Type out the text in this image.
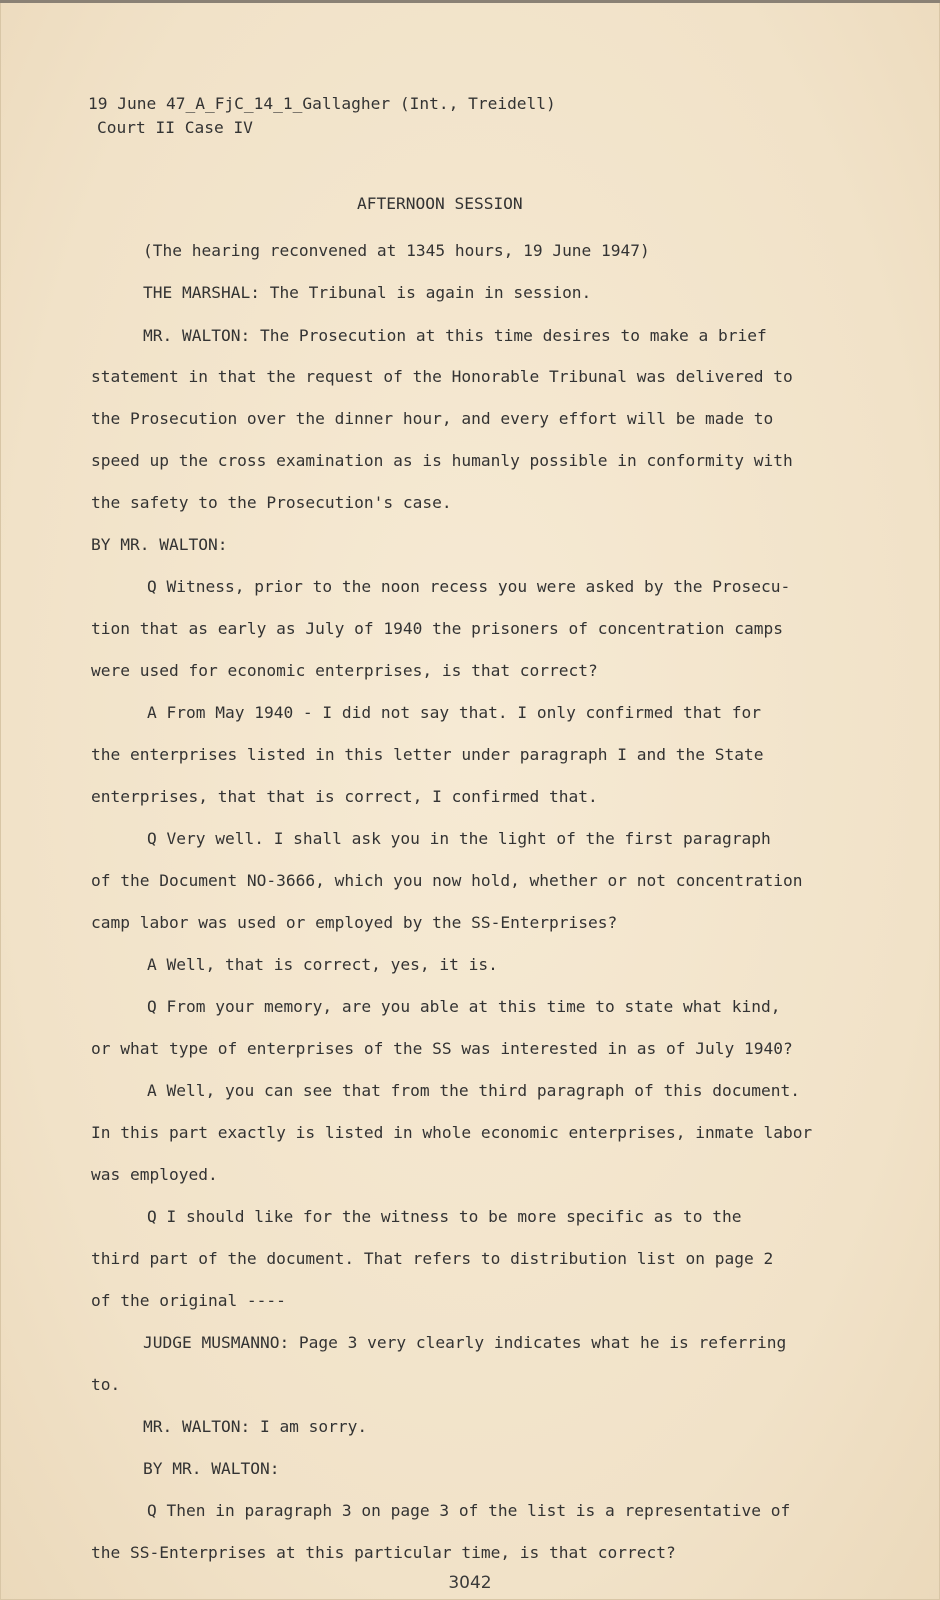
19 June 47_A_FjC_14_1_Gallagher (Int., Treidell)
Court II Case IV
AFTERNOON SESSION
(The hearing reconvened at 1345 hours, 19 June 1947)
THE MARSHAL: The Tribunal is again in session.
MR. WALTON: The Prosecution at this time desires to make a brief
statement in that the request of the Honorable Tribunal was delivered to
the Prosecution over the dinner hour, and every effort will be made to
speed up the cross examination as is humanly possible in conformity with
the safety to the Prosecution's case.
BY MR. WALTON:
Q Witness, prior to the noon recess you were asked by the Prosecu-
tion that as early as July of 1940 the prisoners of concentration camps
were used for economic enterprises, is that correct?
A From May 1940 - I did not say that. I only confirmed that for
the enterprises listed in this letter under paragraph I and the State
enterprises, that that is correct, I confirmed that.
Q Very well. I shall ask you in the light of the first paragraph
of the Document NO-3666, which you now hold, whether or not concentration
camp labor was used or employed by the SS-Enterprises?
A Well, that is correct, yes, it is.
Q From your memory, are you able at this time to state what kind,
or what type of enterprises of the SS was interested in as of July 1940?
A Well, you can see that from the third paragraph of this document.
In this part exactly is listed in whole economic enterprises, inmate labor
was employed.
Q I should like for the witness to be more specific as to the
third part of the document. That refers to distribution list on page 2
of the original ----
JUDGE MUSMANNO: Page 3 very clearly indicates what he is referring
to.
MR. WALTON: I am sorry.
BY MR. WALTON:
Q Then in paragraph 3 on page 3 of the list is a representative of
the SS-Enterprises at this particular time, is that correct?
3042
